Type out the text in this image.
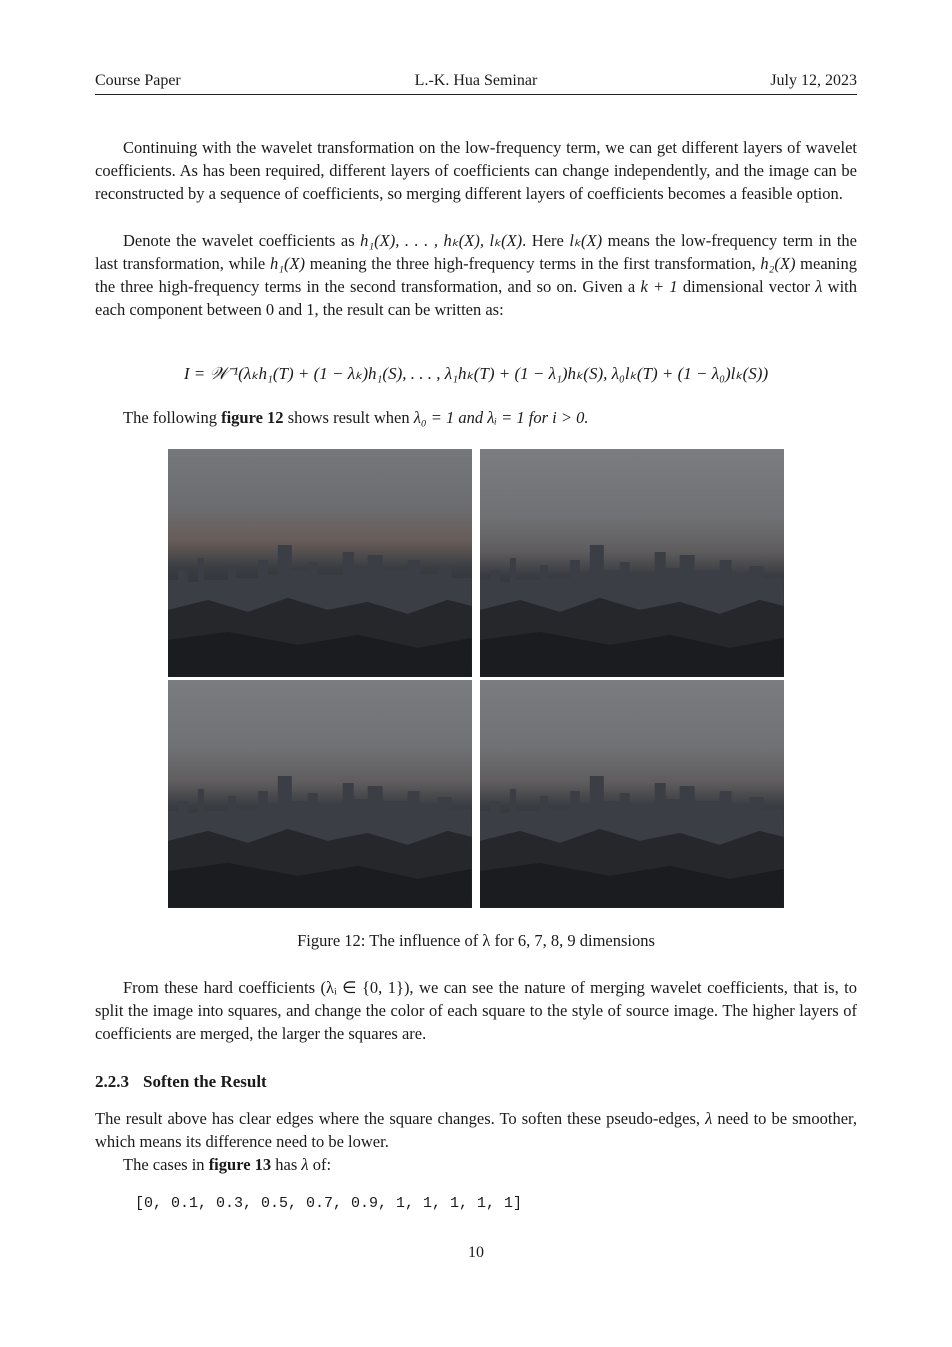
Course Paper	L.-K. Hua Seminar	July 12, 2023
Continuing with the wavelet transformation on the low-frequency term, we can get different layers of wavelet coefficients. As has been required, different layers of coefficients can change independently, and the image can be reconstructed by a sequence of coefficients, so merging different layers of coefficients becomes a feasible option.
Denote the wavelet coefficients as h₁(X), . . . , hₖ(X), lₖ(X). Here lₖ(X) means the low-frequency term in the last transformation, while h₁(X) meaning the three high-frequency terms in the first transformation, h₂(X) meaning the three high-frequency terms in the second transformation, and so on. Given a k + 1 dimensional vector λ with each component between 0 and 1, the result can be written as:
I = 𝒲⁻¹(λₖh₁(T) + (1 − λₖ)h₁(S), . . . , λ₁hₖ(T) + (1 − λ₁)hₖ(S), λ₀lₖ(T) + (1 − λ₀)lₖ(S))
The following figure 12 shows result when λ₀ = 1 and λᵢ = 1 for i > 0.
Figure 12: The influence of λ for 6, 7, 8, 9 dimensions
From these hard coefficients (λᵢ ∈ {0, 1}), we can see the nature of merging wavelet coefficients, that is, to split the image into squares, and change the color of each square to the style of source image. The higher layers of coefficients are merged, the larger the squares are.
2.2.3 Soften the Result
The result above has clear edges where the square changes. To soften these pseudo-edges, λ need to be smoother, which means its difference need to be lower.
The cases in figure 13 has λ of:
[0, 0.1, 0.3, 0.5, 0.7, 0.9, 1, 1, 1, 1, 1]
10
